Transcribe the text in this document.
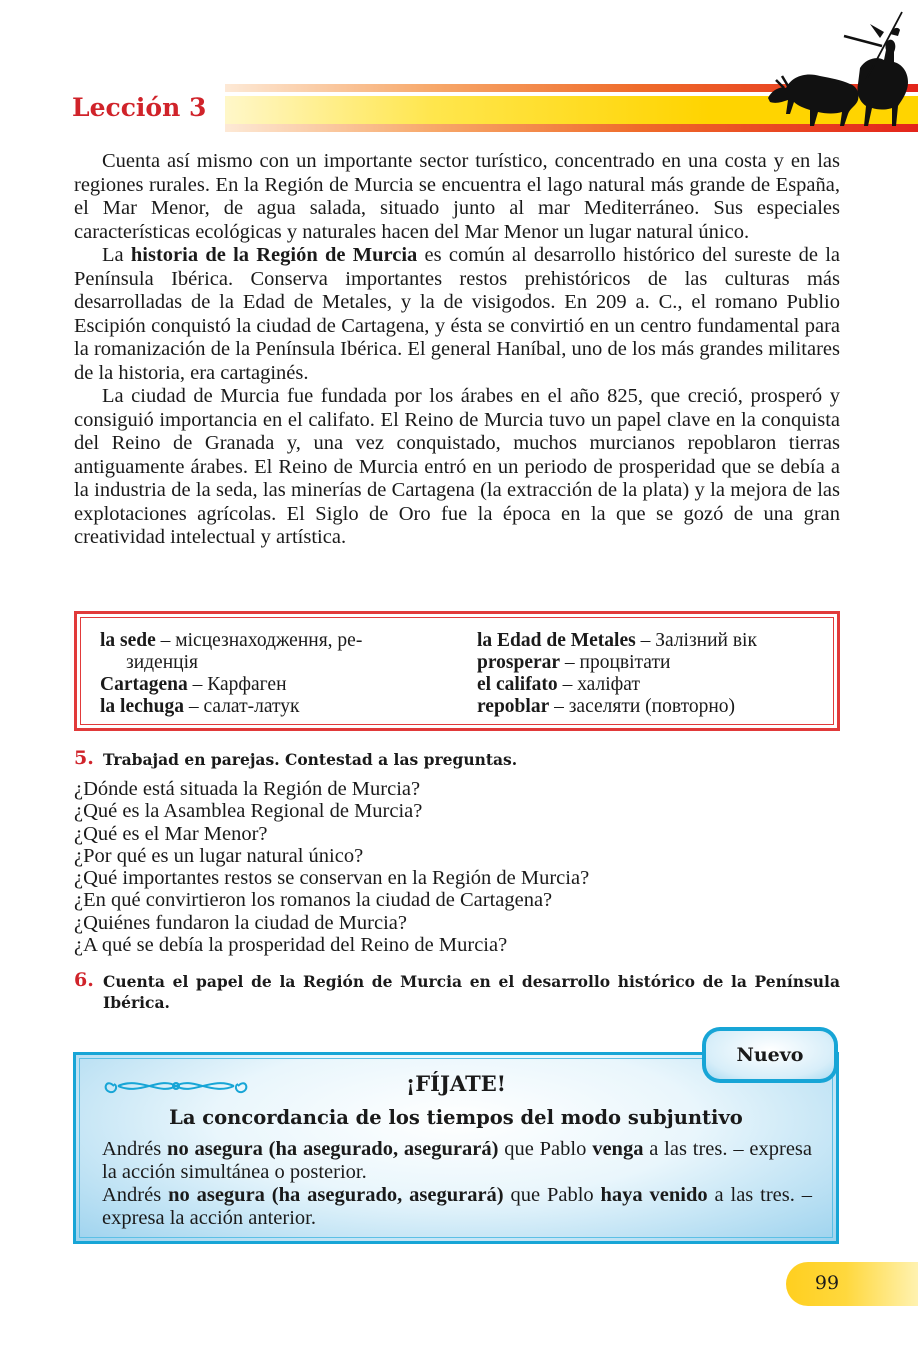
Lección 3

Cuenta así mismo con un importante sector turístico, concentrado en una costa y en las regiones rurales. En la Región de Murcia se encuentra el lago natural más grande de España, el Mar Menor, de agua salada, situado junto al mar Mediterráneo. Sus especiales características ecológicas y naturales hacen del Mar Menor un lugar natural único.

La historia de la Región de Murcia es común al desarrollo histórico del sureste de la Península Ibérica. Conserva importantes restos prehistóricos de las culturas más desarrolladas de la Edad de Metales, y la de visigodos. En 209 a. C., el romano Publio Escipión conquistó la ciudad de Cartagena, y ésta se convirtió en un centro fundamental para la romanización de la Península Ibérica. El general Haníbal, uno de los más grandes militares de la historia, era cartaginés.

La ciudad de Murcia fue fundada por los árabes en el año 825, que creció, prosperó y consiguió importancia en el califato. El Reino de Murcia tuvo un papel clave en la conquista del Reino de Granada y, una vez conquistado, muchos murcianos repoblaron tierras antiguamente árabes. El Reino de Murcia entró en un periodo de prosperidad que se debía a la industria de la seda, las minerías de Cartagena (la extracción de la plata) y la mejora de las explotaciones agrícolas. El Siglo de Oro fue la época en la que se gozó de una gran creatividad intelectual y artística.

la sede – місцезнаходження, ре-
зиденція
Cartagena – Карфаген
la lechuga – салат-латук
la Edad de Metales – Залізний вік
prosperar – процвітати
el califato – халіфат
repoblar – заселяти (повторно)
5. Trabajad en parejas. Contestad a las preguntas.
¿Dónde está situada la Región de Murcia?
¿Qué es la Asamblea Regional de Murcia?
¿Qué es el Mar Menor?
¿Por qué es un lugar natural único?
¿Qué importantes restos se conservan en la Región de Murcia?
¿En qué convirtieron los romanos la ciudad de Cartagena?
¿Quiénes fundaron la ciudad de Murcia?
¿A qué se debía la prosperidad del Reino de Murcia?
6. Cuenta el papel de la Región de Murcia en el desarrollo histórico de la Península Ibérica.
Nuevo
¡FÍJATE!
La concordancia de los tiempos del modo subjuntivo
Andrés no asegura (ha asegurado, asegurará) que Pablo venga a las tres. – expresa la acción simultánea o posterior.
Andrés no asegura (ha asegurado, asegurará) que Pablo haya venido a las tres. – expresa la acción anterior.
99
